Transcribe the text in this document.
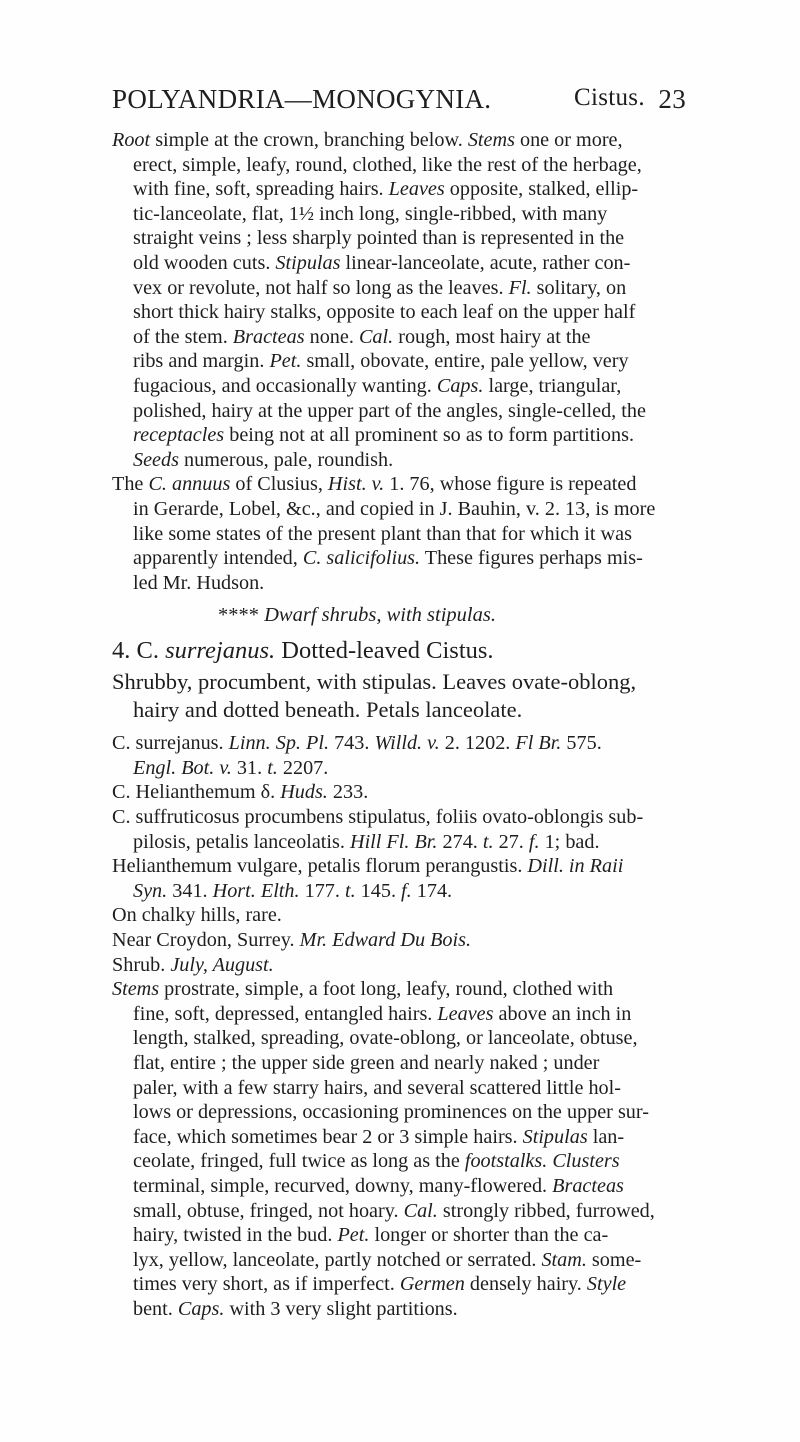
POLYANDRIA—MONOGYNIA.	Cistus. 23
Root simple at the crown, branching below. Stems one or more,
erect, simple, leafy, round, clothed, like the rest of the herbage,
with fine, soft, spreading hairs. Leaves opposite, stalked, ellip-
tic-lanceolate, flat, 1½ inch long, single-ribbed, with many
straight veins ; less sharply pointed than is represented in the
old wooden cuts. Stipulas linear-lanceolate, acute, rather con-
vex or revolute, not half so long as the leaves. Fl. solitary, on
short thick hairy stalks, opposite to each leaf on the upper half
of the stem. Bracteas none. Cal. rough, most hairy at the
ribs and margin. Pet. small, obovate, entire, pale yellow, very
fugacious, and occasionally wanting. Caps. large, triangular,
polished, hairy at the upper part of the angles, single-celled, the
receptacles being not at all prominent so as to form partitions.
Seeds numerous, pale, roundish.
The C. annuus of Clusius, Hist. v. 1. 76, whose figure is repeated
in Gerarde, Lobel, &c., and copied in J. Bauhin, v. 2. 13, is more
like some states of the present plant than that for which it was
apparently intended, C. salicifolius. These figures perhaps mis-
led Mr. Hudson.
**** Dwarf shrubs, with stipulas.
4. C. surrejanus. Dotted-leaved Cistus.
Shrubby, procumbent, with stipulas. Leaves ovate-oblong,
hairy and dotted beneath. Petals lanceolate.
C. surrejanus. Linn. Sp. Pl. 743. Willd. v. 2. 1202. Fl Br. 575.
Engl. Bot. v. 31. t. 2207.
C. Helianthemum δ. Huds. 233.
C. suffruticosus procumbens stipulatus, foliis ovato-oblongis sub-
pilosis, petalis lanceolatis. Hill Fl. Br. 274. t. 27. f. 1; bad.
Helianthemum vulgare, petalis florum perangustis. Dill. in Raii
Syn. 341. Hort. Elth. 177. t. 145. f. 174.
On chalky hills, rare.
Near Croydon, Surrey. Mr. Edward Du Bois.
Shrub. July, August.
Stems prostrate, simple, a foot long, leafy, round, clothed with
fine, soft, depressed, entangled hairs. Leaves above an inch in
length, stalked, spreading, ovate-oblong, or lanceolate, obtuse,
flat, entire ; the upper side green and nearly naked ; under
paler, with a few starry hairs, and several scattered little hol-
lows or depressions, occasioning prominences on the upper sur-
face, which sometimes bear 2 or 3 simple hairs. Stipulas lan-
ceolate, fringed, full twice as long as the footstalks. Clusters
terminal, simple, recurved, downy, many-flowered. Bracteas
small, obtuse, fringed, not hoary. Cal. strongly ribbed, furrowed,
hairy, twisted in the bud. Pet. longer or shorter than the ca-
lyx, yellow, lanceolate, partly notched or serrated. Stam. some-
times very short, as if imperfect. Germen densely hairy. Style
bent. Caps. with 3 very slight partitions.
